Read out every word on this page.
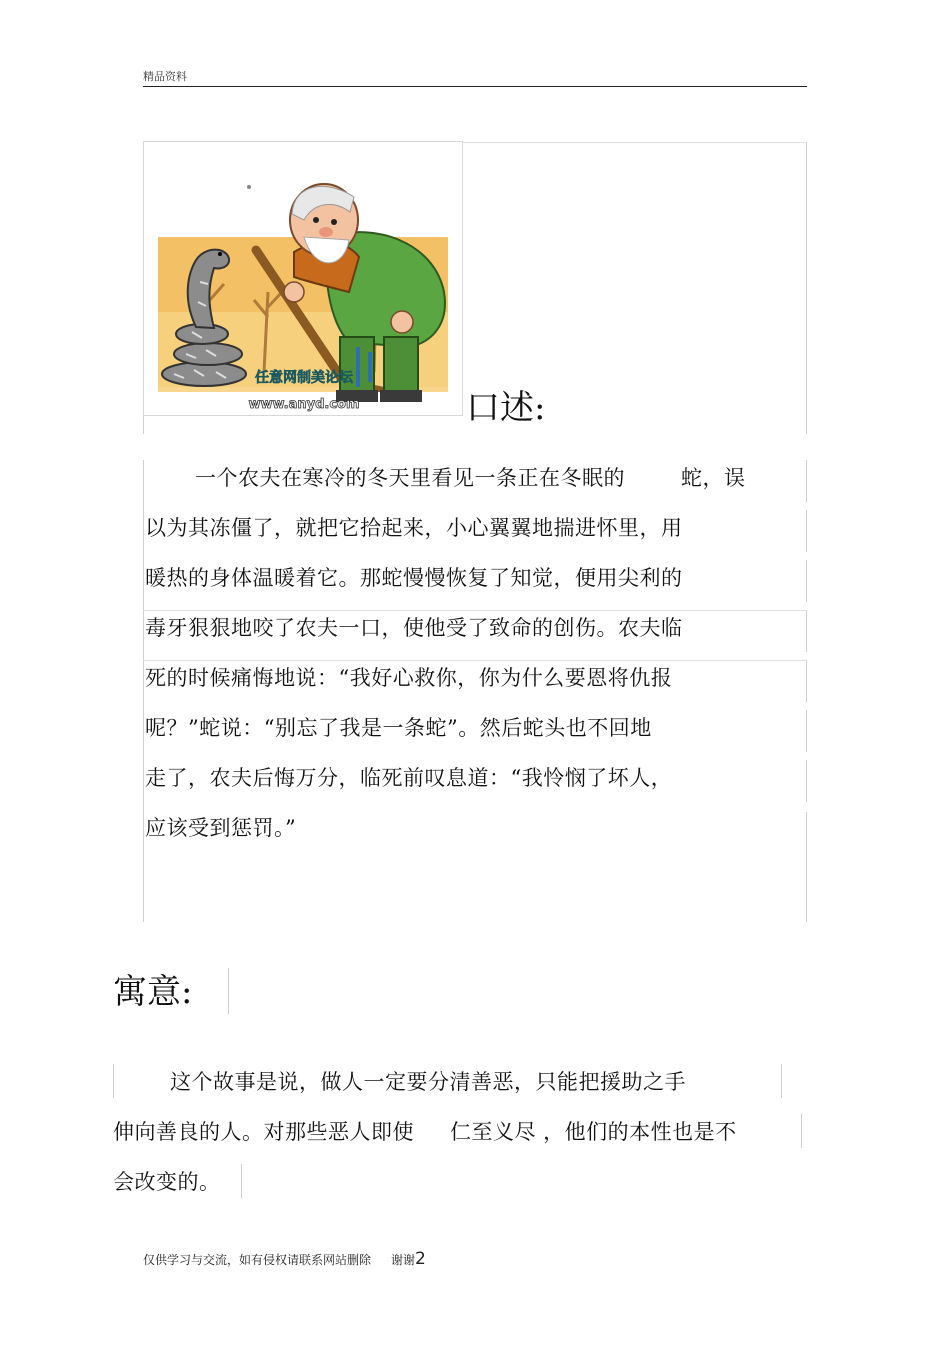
精品资料
任意网制美论坛
www.anyd.com	口述:
一个农夫在寒冷的冬天里看见一条正在冬眠的	蛇，误
以为其冻僵了，就把它拾起来，小心翼翼地揣进怀里，用
暖热的身体温暖着它。那蛇慢慢恢复了知觉，便用尖利的
毒牙狠狠地咬了农夫一口，使他受了致命的创伤。农夫临
死的时候痛悔地说：“我好心救你，你为什么要恩将仇报
呢？”蛇说：“别忘了我是一条蛇”。然后蛇头也不回地
走了，农夫后悔万分，临死前叹息道：“我怜悯了坏人，
应该受到惩罚。”
寓意:
这个故事是说，做人一定要分清善恶，只能把援助之手
伸向善良的人。对那些恶人即使 仁至义尽 ，他们的本性也是不
会改变的。
仅供学习与交流，如有侵权请联系网站删除 谢谢2
